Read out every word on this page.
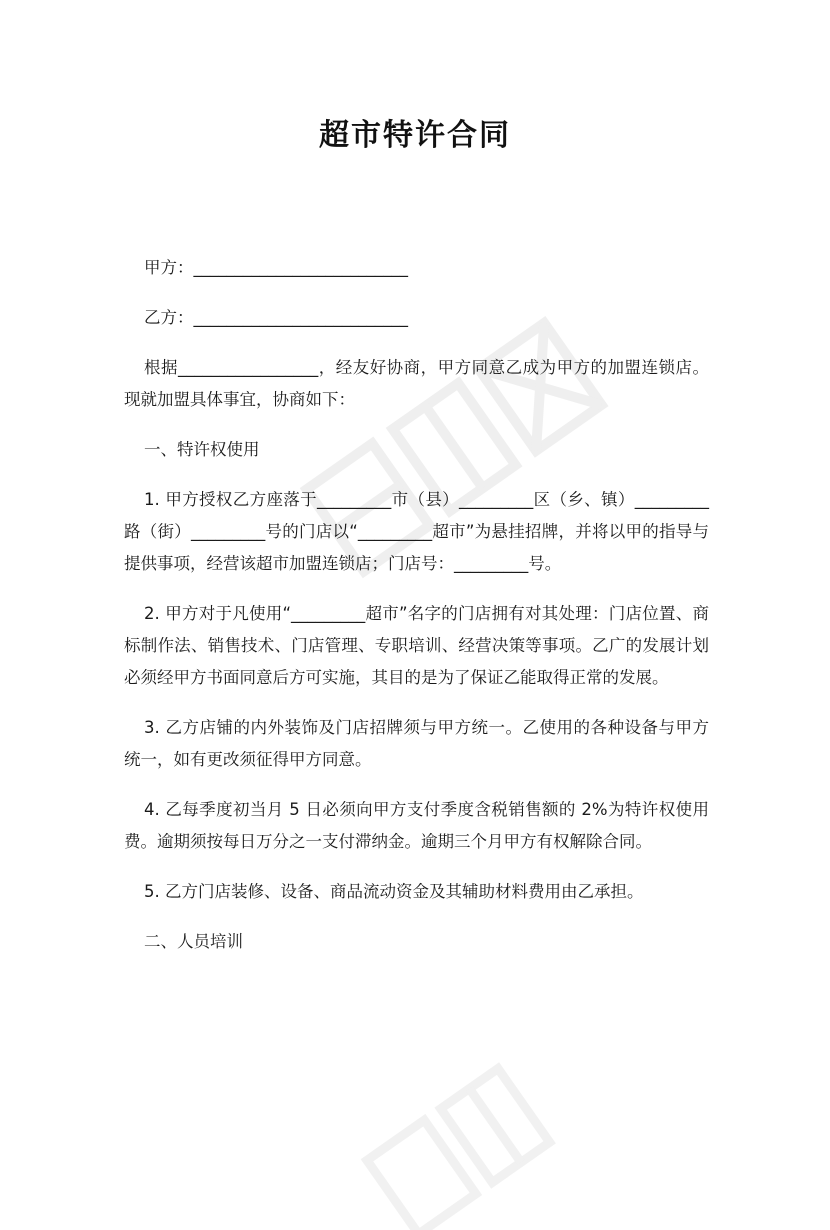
超市特许合同

甲方：__________________________

乙方：__________________________

根据_________________，经友好协商，甲方同意乙成为甲方的加盟连锁店。现就加盟具体事宜，协商如下：

一、特许权使用

1. 甲方授权乙方座落于_________市（县）_________区（乡、镇）_________路（街）_________号的门店以“_________超市”为悬挂招牌，并将以甲的指导与提供事项，经营该超市加盟连锁店；门店号：_________号。

2. 甲方对于凡使用“_________超市”名字的门店拥有对其处理：门店位置、商标制作法、销售技术、门店管理、专职培训、经营决策等事项。乙广的发展计划必须经甲方书面同意后方可实施，其目的是为了保证乙能取得正常的发展。

3. 乙方店铺的内外装饰及门店招牌须与甲方统一。乙使用的各种设备与甲方统一，如有更改须征得甲方同意。

4. 乙每季度初当月 5 日必须向甲方支付季度含税销售额的 2%为特许权使用费。逾期须按每日万分之一支付滞纳金。逾期三个月甲方有权解除合同。

5. 乙方门店装修、设备、商品流动资金及其辅助材料费用由乙承担。

二、人员培训
